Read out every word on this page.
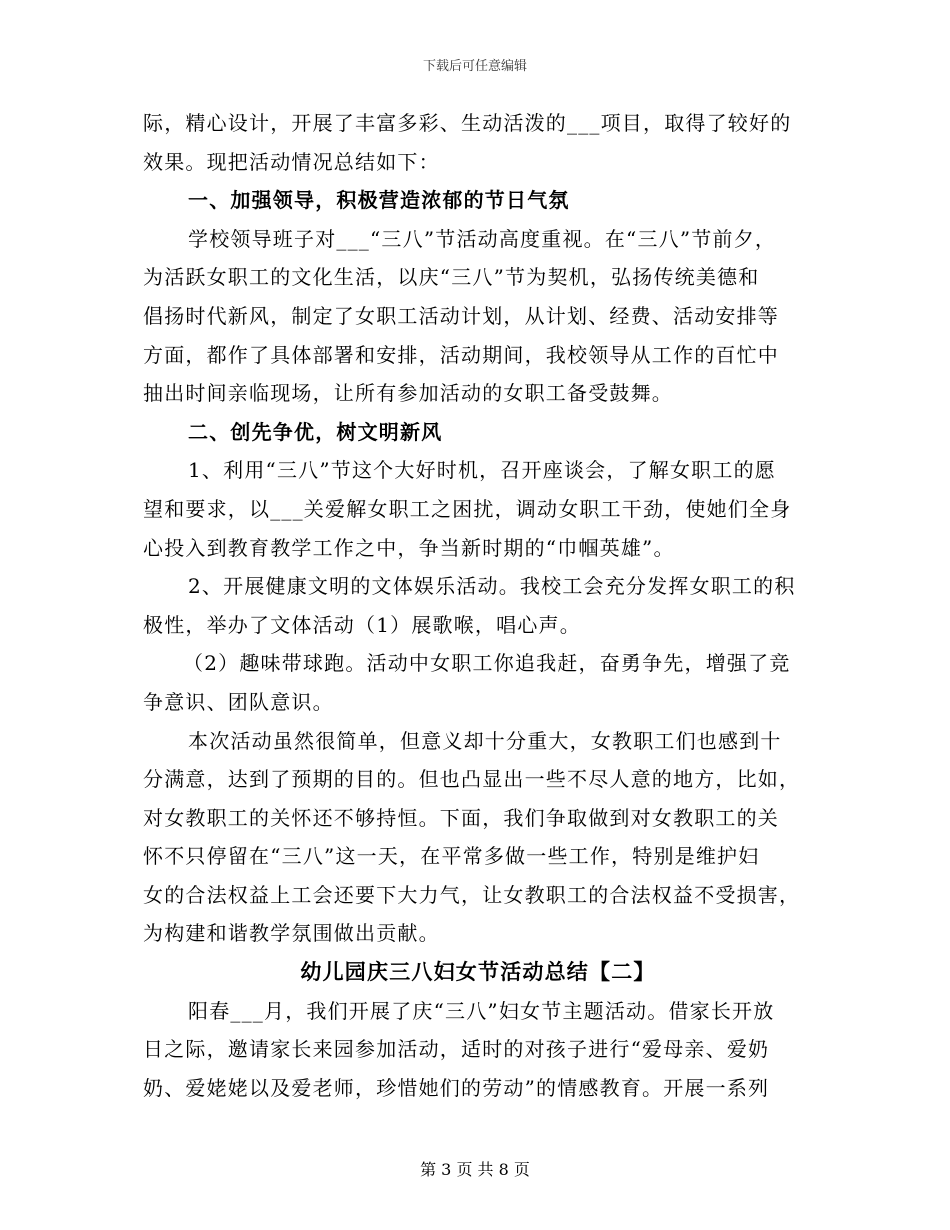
下载后可任意编辑
际，精心设计，开展了丰富多彩、生动活泼的___项目，取得了较好的
效果。现把活动情况总结如下：
一、加强领导，积极营造浓郁的节日气氛
学校领导班子对___“三八”节活动高度重视。在“三八”节前夕，
为活跃女职工的文化生活，以庆“三八”节为契机，弘扬传统美德和
倡扬时代新风，制定了女职工活动计划，从计划、经费、活动安排等
方面，都作了具体部署和安排，活动期间，我校领导从工作的百忙中
抽出时间亲临现场，让所有参加活动的女职工备受鼓舞。
二、创先争优，树文明新风
1、利用“三八”节这个大好时机，召开座谈会，了解女职工的愿
望和要求，以___关爱解女职工之困扰，调动女职工干劲，使她们全身
心投入到教育教学工作之中，争当新时期的“巾帼英雄”。
2、开展健康文明的文体娱乐活动。我校工会充分发挥女职工的积
极性，举办了文体活动（1）展歌喉，唱心声。
（2）趣味带球跑。活动中女职工你追我赶，奋勇争先，增强了竞
争意识、团队意识。
本次活动虽然很简单，但意义却十分重大，女教职工们也感到十
分满意，达到了预期的目的。但也凸显出一些不尽人意的地方，比如，
对女教职工的关怀还不够持恒。下面，我们争取做到对女教职工的关
怀不只停留在“三八”这一天，在平常多做一些工作，特别是维护妇
女的合法权益上工会还要下大力气，让女教职工的合法权益不受损害，
为构建和谐教学氛围做出贡献。
幼儿园庆三八妇女节活动总结【二】
阳春___月，我们开展了庆“三八”妇女节主题活动。借家长开放
日之际，邀请家长来园参加活动，适时的对孩子进行“爱母亲、爱奶
奶、爱姥姥以及爱老师，珍惜她们的劳动”的情感教育。开展一系列
第 3 页 共 8 页
